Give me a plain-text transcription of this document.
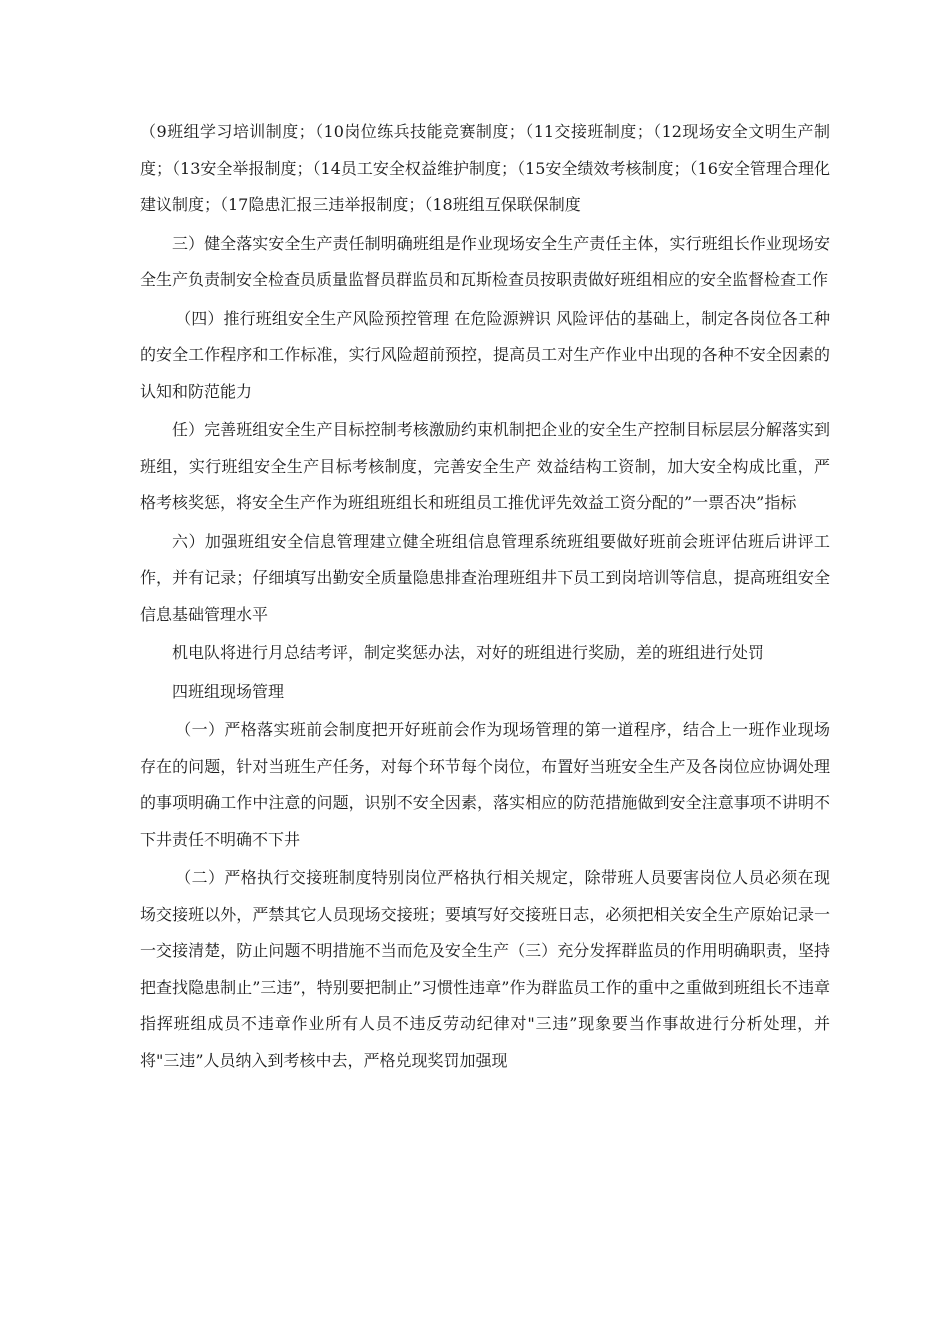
（9班组学习培训制度；（10岗位练兵技能竞赛制度；（11交接班制度；（12现场安全文明生产制度；（13安全举报制度；（14员工安全权益维护制度；（15安全绩效考核制度；（16安全管理合理化建议制度；（17隐患汇报三违举报制度；（18班组互保联保制度

三）健全落实安全生产责任制明确班组是作业现场安全生产责任主体，实行班组长作业现场安全生产负责制安全检查员质量监督员群监员和瓦斯检查员按职责做好班组相应的安全监督检查工作

（四）推行班组安全生产风险预控管理 在危险源辨识 风险评估的基础上，制定各岗位各工种的安全工作程序和工作标准，实行风险超前预控，提高员工对生产作业中出现的各种不安全因素的认知和防范能力

任）完善班组安全生产目标控制考核激励约束机制把企业的安全生产控制目标层层分解落实到班组，实行班组安全生产目标考核制度，完善安全生产 效益结构工资制，加大安全构成比重，严格考核奖惩，将安全生产作为班组班组长和班组员工推优评先效益工资分配的”一票否决”指标

六）加强班组安全信息管理建立健全班组信息管理系统班组要做好班前会班评估班后讲评工作，并有记录；仔细填写出勤安全质量隐患排查治理班组井下员工到岗培训等信息，提高班组安全信息基础管理水平

机电队将进行月总结考评，制定奖惩办法，对好的班组进行奖励，差的班组进行处罚

四班组现场管理

（一）严格落实班前会制度把开好班前会作为现场管理的第一道程序，结合上一班作业现场存在的问题，针对当班生产任务，对每个环节每个岗位，布置好当班安全生产及各岗位应协调处理的事项明确工作中注意的问题，识别不安全因素，落实相应的防范措施做到安全注意事项不讲明不下井责任不明确不下井

（二）严格执行交接班制度特别岗位严格执行相关规定，除带班人员要害岗位人员必须在现场交接班以外，严禁其它人员现场交接班；要填写好交接班日志，必须把相关安全生产原始记录一一交接清楚，防止问题不明措施不当而危及安全生产（三）充分发挥群监员的作用明确职责，坚持把查找隐患制止”三违”，特别要把制止”习惯性违章”作为群监员工作的重中之重做到班组长不违章指挥班组成员不违章作业所有人员不违反劳动纪律对"三违”现象要当作事故进行分析处理，并将"三违”人员纳入到考核中去，严格兑现奖罚加强现
